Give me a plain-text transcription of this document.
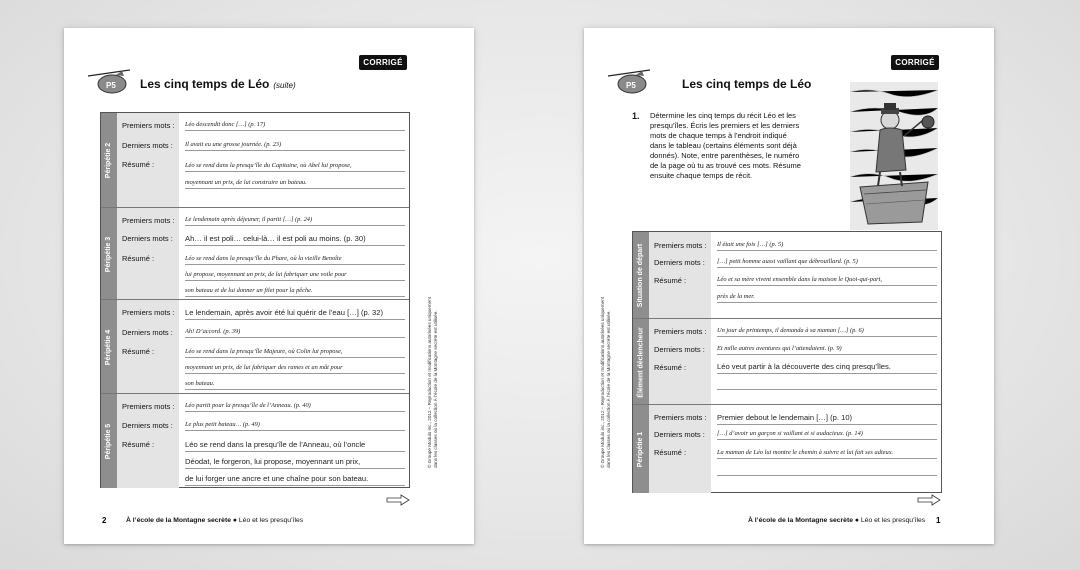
CORRIGÉ
P5 Les cinq temps de Léo (suite)
Péripétie 2
Premiers mots : Léo descendit donc […] (p. 17)
Derniers mots : Il avait eu une grosse journée. (p. 23)
Résumé :	Léo se rend dans la presqu’île du Capitaine, où Abel lui propose,
moyennant un prix, de lui construire un bateau.
Péripétie 3
Premiers mots : Le lendemain après déjeuner, il partit […] (p. 24)
Derniers mots : Ah… il est poli… celui-là… il est poli au moins. (p. 30)
Résumé :	Léo se rend dans la presqu’île du Phare, où la vieille Benoîte
lui propose, moyennant un prix, de lui fabriquer une voile pour
son bateau et de lui donner un filet pour la pêche.
Péripétie 4
Premiers mots : Le lendemain, après avoir été lui quérir de l’eau […] (p. 32)
Derniers mots : Ah! D’accord. (p. 39)
Résumé :	Léo se rend dans la presqu’île Majeure, où Colin lui propose,
moyennant un prix, de lui fabriquer des rames et un mât pour
son bateau.
Péripétie 5
Premiers mots : Léo partit pour la presqu’île de l’Anneau. (p. 40)
Derniers mots : Le plus petit bateau… (p. 49)
Résumé :	Léo se rend dans la presqu’île de l’Anneau, où l’oncle
Déodat, le forgeron, lui propose, moyennant un prix,
de lui forger une ancre et une chaîne pour son bateau.
© Groupe Modulo inc., 2012 – Reproduction et modifications autorisées uniquement dans les classes où la collection À l’école de la Montagne secrète est utilisée.
2	À l’école de la Montagne secrète ● Léo et les presqu’îles
CORRIGÉ
P5	Les cinq temps de Léo
1. Détermine les cinq temps du récit Léo et les presqu’îles. Écris les premiers et les derniers mots de chaque temps à l’endroit indiqué dans le tableau (certains éléments sont déjà donnés). Note, entre parenthèses, le numéro de la page où tu as trouvé ces mots. Résume ensuite chaque temps de récit.
Situation de départ Premiers mots : Il était une fois […] (p. 5)
Derniers mots : […] petit homme aussi vaillant que débrouillard. (p. 5)
Résumé :	Léo et sa mère vivent ensemble dans la maison le Quoi-qui-part,
près de la mer.
Élément déclencheur Premiers mots : Un jour de printemps, il demanda à sa maman […] (p. 6)
Derniers mots : Et mille autres aventures qui l’attendaient. (p. 9)
Résumé :	Léo veut partir à la découverte des cinq presqu’îles.
Péripétie 1
Premiers mots : Premier debout le lendemain […] (p. 10)
Derniers mots : […] d’avoir un garçon si vaillant et si audacieux. (p. 14)
Résumé :	La maman de Léo lui montre le chemin à suivre et lui fait ses adieux.
© Groupe Modulo inc., 2012 – Reproduction et modifications autorisées uniquement dans les classes où la collection À l’école de la Montagne secrète est utilisée.
À l’école de la Montagne secrète ● Léo et les presqu’îles 1
